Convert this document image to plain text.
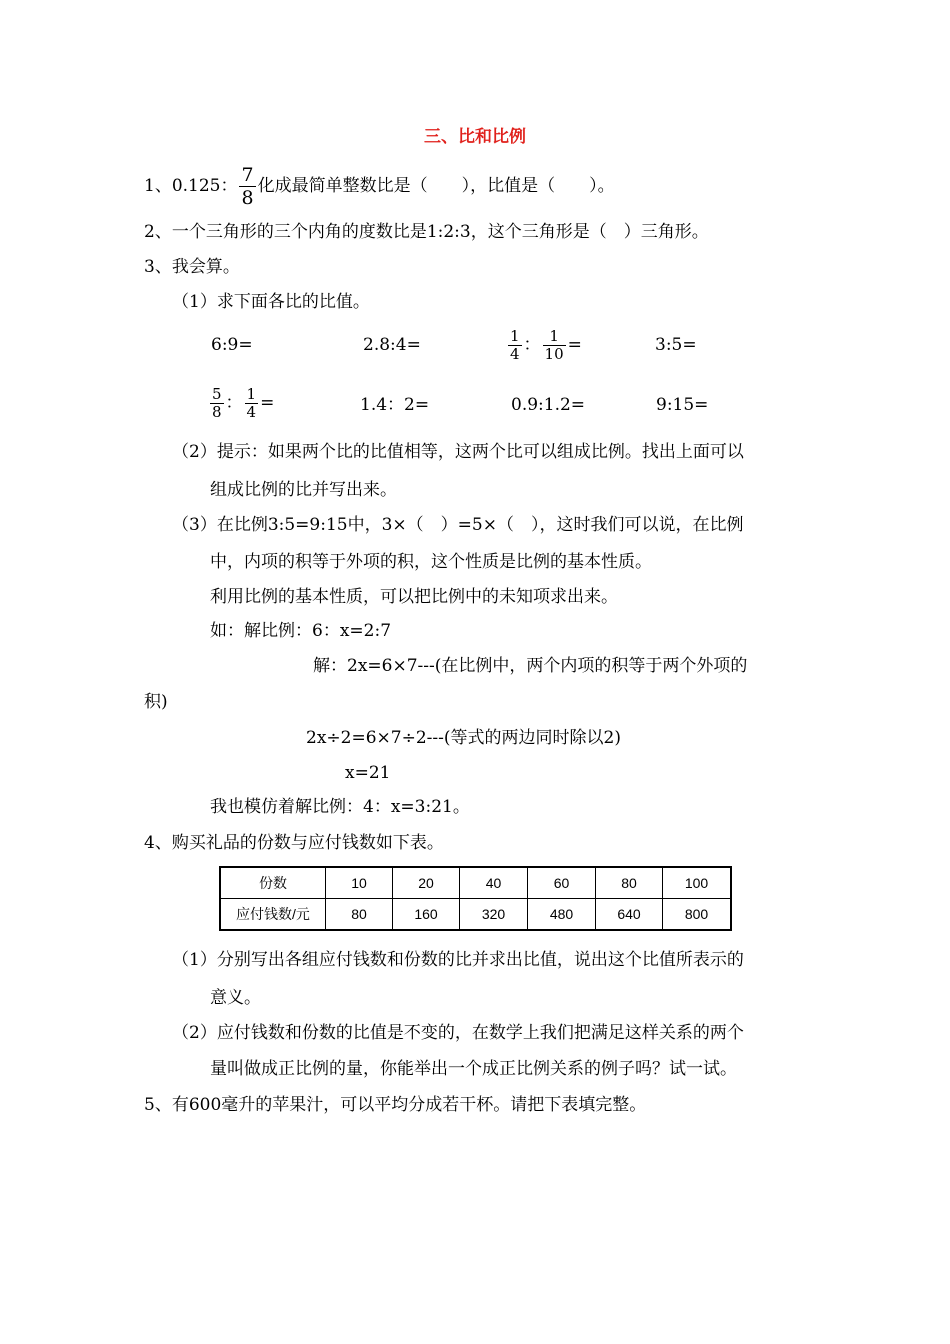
三、比和比例
1、0.125： $\frac{7}{8}$ 化成最简单整数比是（　　），比值是（　　）。
2、一个三角形的三个内角的度数比是1:2:3，这个三角形是（　）三角形。
3、我会算。
（1）求下面各比的比值。
6:9=	2.8:4=	$\frac{1}{4}$ ： $\frac{1}{10}$ =	3:5=
$\frac{5}{8}$ ： $\frac{1}{4}$ =	1.4：2=	0.9:1.2=	9:15=
（2）提示：如果两个比的比值相等，这两个比可以组成比例。找出上面可以
组成比例的比并写出来。
（3）在比例3:5=9:15中，3×（　）=5×（　），这时我们可以说，在比例
中，内项的积等于外项的积，这个性质是比例的基本性质。
利用比例的基本性质，可以把比例中的未知项求出来。
如：解比例：6：x=2:7
解：2x=6×7---(在比例中，两个内项的积等于两个外项的
积)
2x÷2=6×7÷2---(等式的两边同时除以2)
x=21
我也模仿着解比例：4：x=3:21。
4、购买礼品的份数与应付钱数如下表。
份数	10	20	40	60	80	100
应付钱数/元	80	160	320	480	640	800
（1）分别写出各组应付钱数和份数的比并求出比值，说出这个比值所表示的
意义。
（2）应付钱数和份数的比值是不变的，在数学上我们把满足这样关系的两个
量叫做成正比例的量，你能举出一个成正比例关系的例子吗？试一试。
5、有600毫升的苹果汁，可以平均分成若干杯。请把下表填完整。
